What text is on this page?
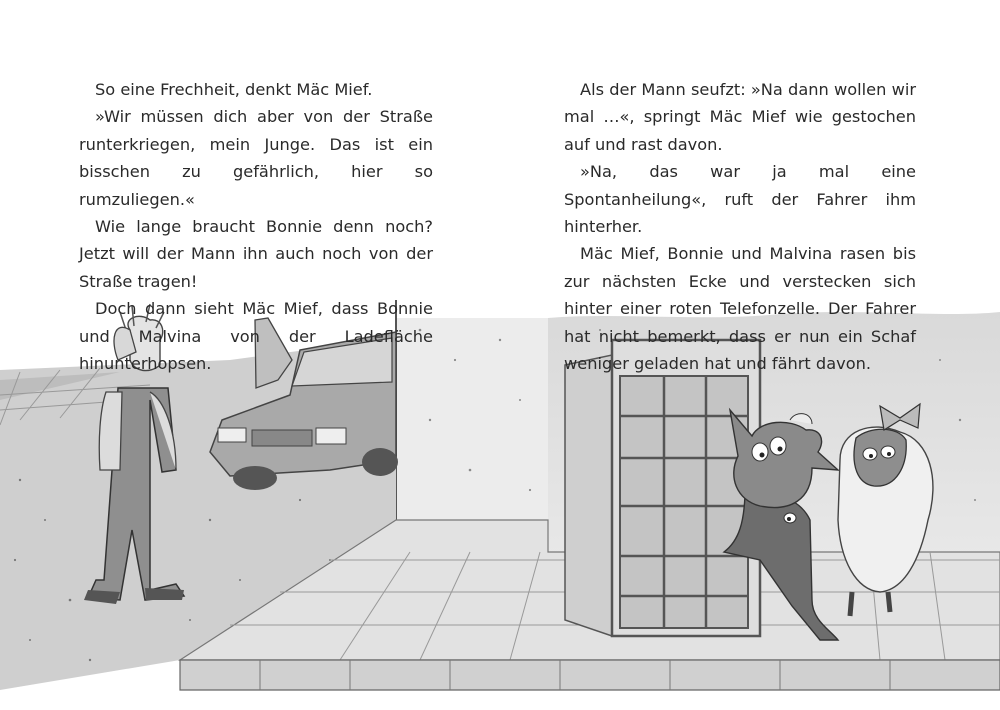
So eine Frechheit, denkt Mäc Mief.

»Wir müssen dich aber von der Straße runterkriegen, mein Junge. Das ist ein bisschen zu gefährlich, hier so rumzuliegen.«

Wie lange braucht Bonnie denn noch? Jetzt will der Mann ihn auch noch von der Straße tragen!

Doch dann sieht Mäc Mief, dass Bonnie und Malvina von der Ladefläche hinunterhopsen.

Als der Mann seufzt: »Na dann wollen wir mal …«, springt Mäc Mief wie gestochen auf und rast davon.

»Na, das war ja mal eine Spontanheilung«, ruft der Fahrer ihm hinterher.

Mäc Mief, Bonnie und Malvina rasen bis zur nächsten Ecke und verstecken sich hinter einer roten Telefonzelle. Der Fahrer hat nicht bemerkt, dass er nun ein Schaf weniger geladen hat und fährt davon.
